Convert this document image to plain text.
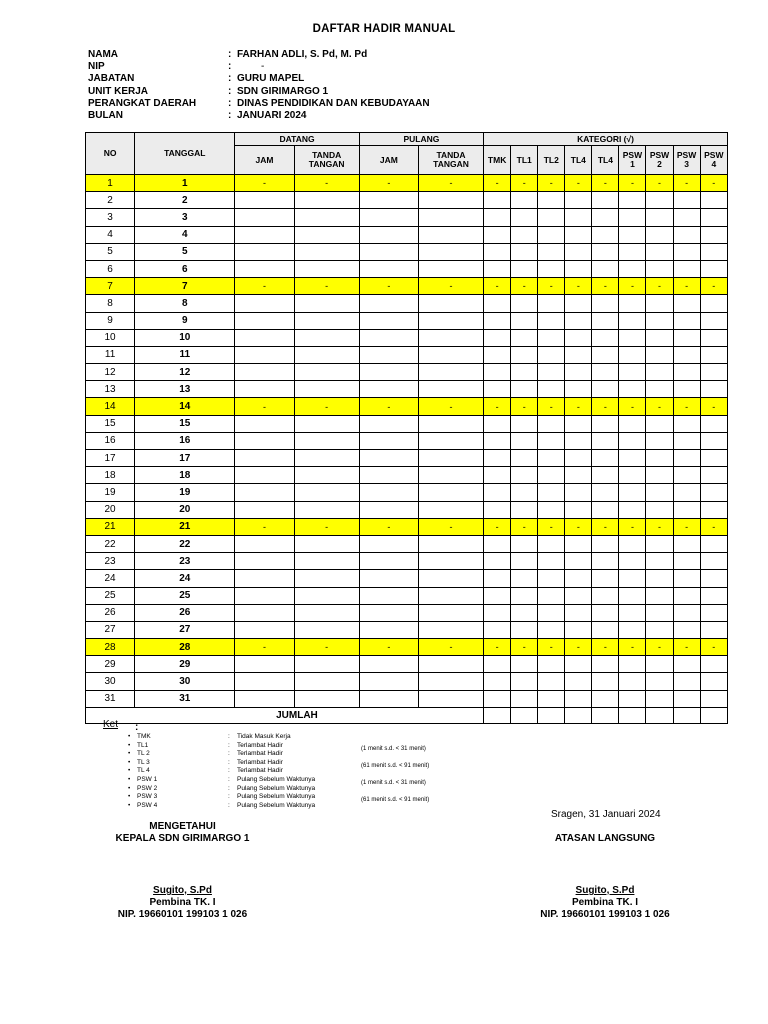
DAFTAR HADIR MANUAL
NAMA	: FARHAN ADLI, S. Pd, M. Pd
NIP	:	-
JABATAN	: GURU MAPEL
UNIT KERJA	: SDN GIRIMARGO 1
PERANGKAT DAERAH	: DINAS PENDIDIKAN DAN KEBUDAYAAN
BULAN	: JANUARI 2024
NO	TANGGAL	DATANG		PULANG		KATEGORI (√)								
		JAM	TANDA TANGAN	JAM	TANDA TANGAN	TMK	TL1	TL2	TL4	TL4	PSW 1	PSW 2	PSW 3	PSW 4
1	1	-	-	-	-	-	-	-	-	-	-	-	-	-
2	2													
3	3													
4	4													
5	5													
6	6													
7	7	-	-	-	-	-	-	-	-	-	-	-	-	-
8	8													
9	9													
10	10													
11	11													
12	12													
13	13													
14	14	-	-	-	-	-	-	-	-	-	-	-	-	-
15	15													
16	16													
17	17													
18	18													
19	19													
20	20													
21	21	-	-	-	-	-	-	-	-	-	-	-	-	-
22	22													
23	23													
24	24													
25	25													
26	26													
27	27													
28	28	-	-	-	-	-	-	-	-	-	-	-	-	-
29	29													
30	30													
31	31													
	JUMLAH													
Ket :
• TMK	: Tidak Masuk Kerja
• TL1	: Terlambat Hadir	(1 menit s.d. < 31 menit)
• TL 2	: Terlambat Hadir
• TL 3	: Terlambat Hadir	(61 menit s.d. < 91 menit)
• TL 4	: Terlambat Hadir
• PSW 1	: Pulang Sebelum Waktunya	(1 menit s.d. < 31 menit)
• PSW 2	: Pulang Sebelum Waktunya
• PSW 3	: Pulang Sebelum Waktunya	(61 menit s.d. < 91 menit)
• PSW 4	: Pulang Sebelum Waktunya
Sragen, 31 Januari 2024
MENGETAHUI
KEPALA SDN GIRIMARGO 1
Sugito, S.Pd
Pembina TK. I
NIP. 19660101 199103 1 026
ATASAN LANGSUNG
Sugito, S.Pd
Pembina TK. I
NIP. 19660101 199103 1 026
